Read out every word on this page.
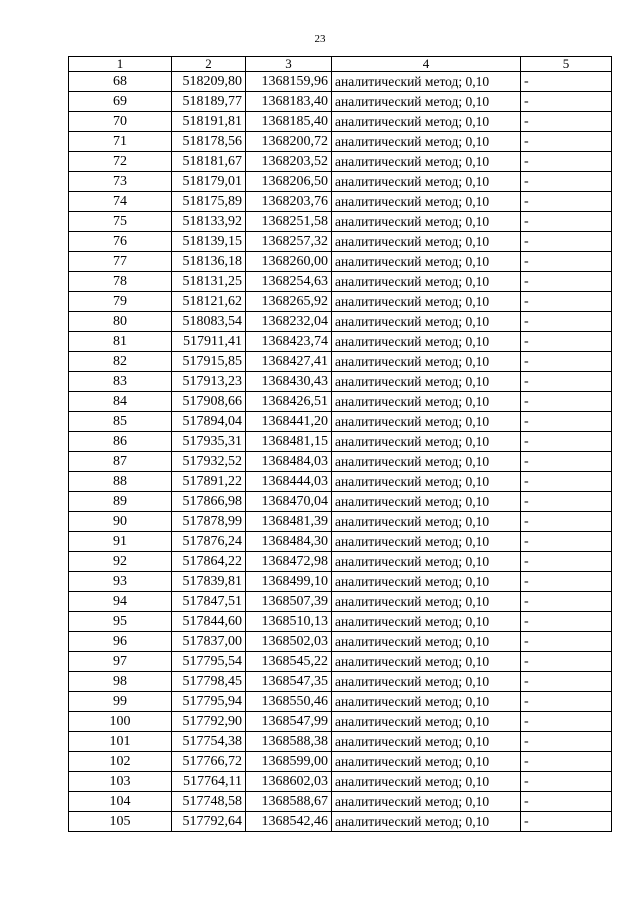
23
1	2	3	4	5
68	518209,80	1368159,96	аналитический метод; 0,10	-
69	518189,77	1368183,40	аналитический метод; 0,10	-
70	518191,81	1368185,40	аналитический метод; 0,10	-
71	518178,56	1368200,72	аналитический метод; 0,10	-
72	518181,67	1368203,52	аналитический метод; 0,10	-
73	518179,01	1368206,50	аналитический метод; 0,10	-
74	518175,89	1368203,76	аналитический метод; 0,10	-
75	518133,92	1368251,58	аналитический метод; 0,10	-
76	518139,15	1368257,32	аналитический метод; 0,10	-
77	518136,18	1368260,00	аналитический метод; 0,10	-
78	518131,25	1368254,63	аналитический метод; 0,10	-
79	518121,62	1368265,92	аналитический метод; 0,10	-
80	518083,54	1368232,04	аналитический метод; 0,10	-
81	517911,41	1368423,74	аналитический метод; 0,10	-
82	517915,85	1368427,41	аналитический метод; 0,10	-
83	517913,23	1368430,43	аналитический метод; 0,10	-
84	517908,66	1368426,51	аналитический метод; 0,10	-
85	517894,04	1368441,20	аналитический метод; 0,10	-
86	517935,31	1368481,15	аналитический метод; 0,10	-
87	517932,52	1368484,03	аналитический метод; 0,10	-
88	517891,22	1368444,03	аналитический метод; 0,10	-
89	517866,98	1368470,04	аналитический метод; 0,10	-
90	517878,99	1368481,39	аналитический метод; 0,10	-
91	517876,24	1368484,30	аналитический метод; 0,10	-
92	517864,22	1368472,98	аналитический метод; 0,10	-
93	517839,81	1368499,10	аналитический метод; 0,10	-
94	517847,51	1368507,39	аналитический метод; 0,10	-
95	517844,60	1368510,13	аналитический метод; 0,10	-
96	517837,00	1368502,03	аналитический метод; 0,10	-
97	517795,54	1368545,22	аналитический метод; 0,10	-
98	517798,45	1368547,35	аналитический метод; 0,10	-
99	517795,94	1368550,46	аналитический метод; 0,10	-
100	517792,90	1368547,99	аналитический метод; 0,10	-
101	517754,38	1368588,38	аналитический метод; 0,10	-
102	517766,72	1368599,00	аналитический метод; 0,10	-
103	517764,11	1368602,03	аналитический метод; 0,10	-
104	517748,58	1368588,67	аналитический метод; 0,10	-
105	517792,64	1368542,46	аналитический метод; 0,10	-
